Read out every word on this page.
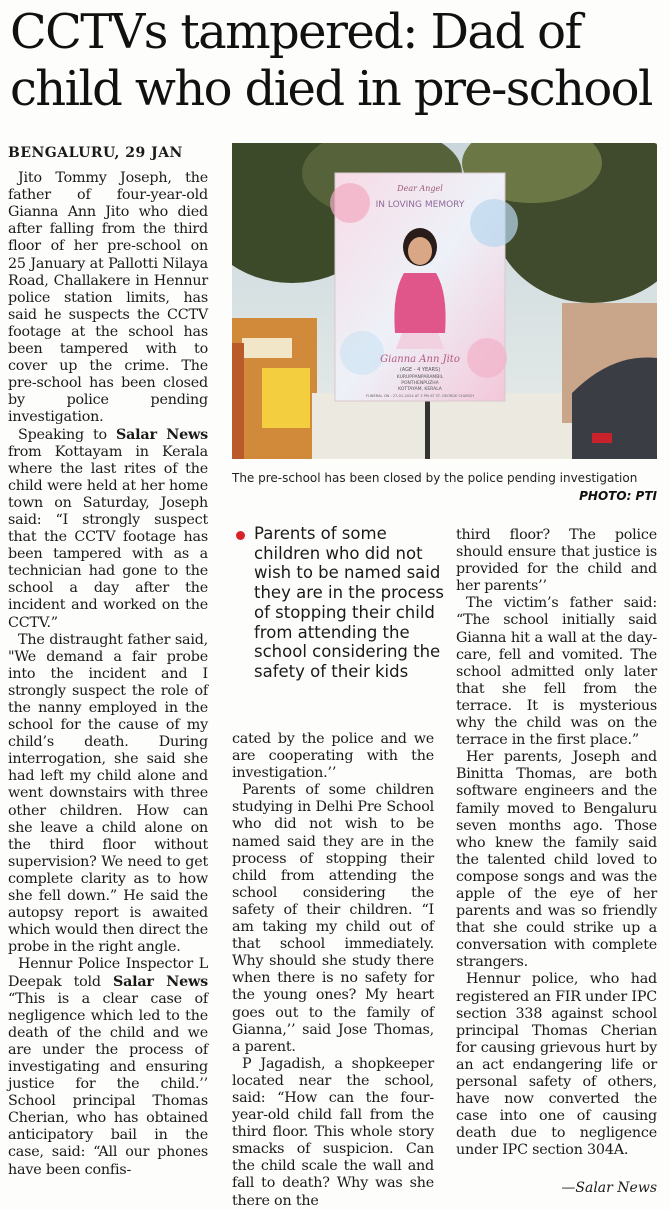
CCTVs tampered: Dad of child who died in pre-school

BENGALURU, 29 JAN

Jito Tommy Joseph, the father of four-year-old Gianna Ann Jito who died after falling from the third floor of her pre-school on 25 January at Pallotti Nilaya Road, Challakere in Hennur police station limits, has said he suspects the CCTV footage at the school has been tampered with to cover up the crime. The pre-school has been closed by police pending investigation.

Speaking to Salar News from Kottayam in Kerala where the last rites of the child were held at her home town on Saturday, Joseph said: “I strongly suspect that the CCTV footage has been tampered with as a technician had gone to the school a day after the incident and worked on the CCTV.”

The distraught father said, "We demand a fair probe into the incident and I strongly suspect the role of the nanny employed in the school for the cause of my child’s death. During interrogation, she said she had left my child alone and went downstairs with three other children. How can she leave a child alone on the third floor without supervision? We need to get complete clarity as to how she fell down.” He said the autopsy report is awaited which would then direct the probe in the right angle.

Hennur Police Inspector L Deepak told Salar News “This is a clear case of negligence which led to the death of the child and we are under the process of investigating and ensuring justice for the child.’’ School principal Thomas Cherian, who has obtained anticipatory bail in the case, said: “All our phones have been confis-

Dear Angel
IN LOVING MEMORY
Gianna Ann Jito
(AGE - 4 YEARS)
KURUPPANPARAMBIL
PONTHENPUZHA
KOTTAYAM, KERALA
FUNERAL ON : 27-01-2024 AT 3 PM AT ST. GEORGE CHURCH
The pre-school has been closed by the police pending investigation
PHOTO: PTI
Parents of some children who did not wish to be named said they are in the process of stopping their child from attending the school considering the safety of their kids

cated by the police and we are cooperating with the investigation.’’

Parents of some children studying in Delhi Pre School who did not wish to be named said they are in the process of stopping their child from attending the school considering the safety of their children. “I am taking my child out of that school immediately. Why should she study there when there is no safety for the young ones? My heart goes out to the family of Gianna,’’ said Jose Thomas, a parent.

P Jagadish, a shopkeeper located near the school, said: “How can the four-year-old child fall from the third floor. This whole story smacks of suspicion. Can the child scale the wall and fall to death? Why was she there on the

third floor? The police should ensure that justice is provided for the child and her parents’’

The victim’s father said: “The school initially said Gianna hit a wall at the day-care, fell and vomited. The school admitted only later that she fell from the terrace. It is mysterious why the child was on the terrace in the first place.”

Her parents, Joseph and Binitta Thomas, are both software engineers and the family moved to Bengaluru seven months ago. Those who knew the family said the talented child loved to compose songs and was the apple of the eye of her parents and was so friendly that she could strike up a conversation with complete strangers.

Hennur police, who had registered an FIR under IPC section 338 against school principal Thomas Cherian for causing grievous hurt by an act endangering life or personal safety of others, have now converted the case into one of causing death due to negligence under IPC section 304A.

—Salar News
